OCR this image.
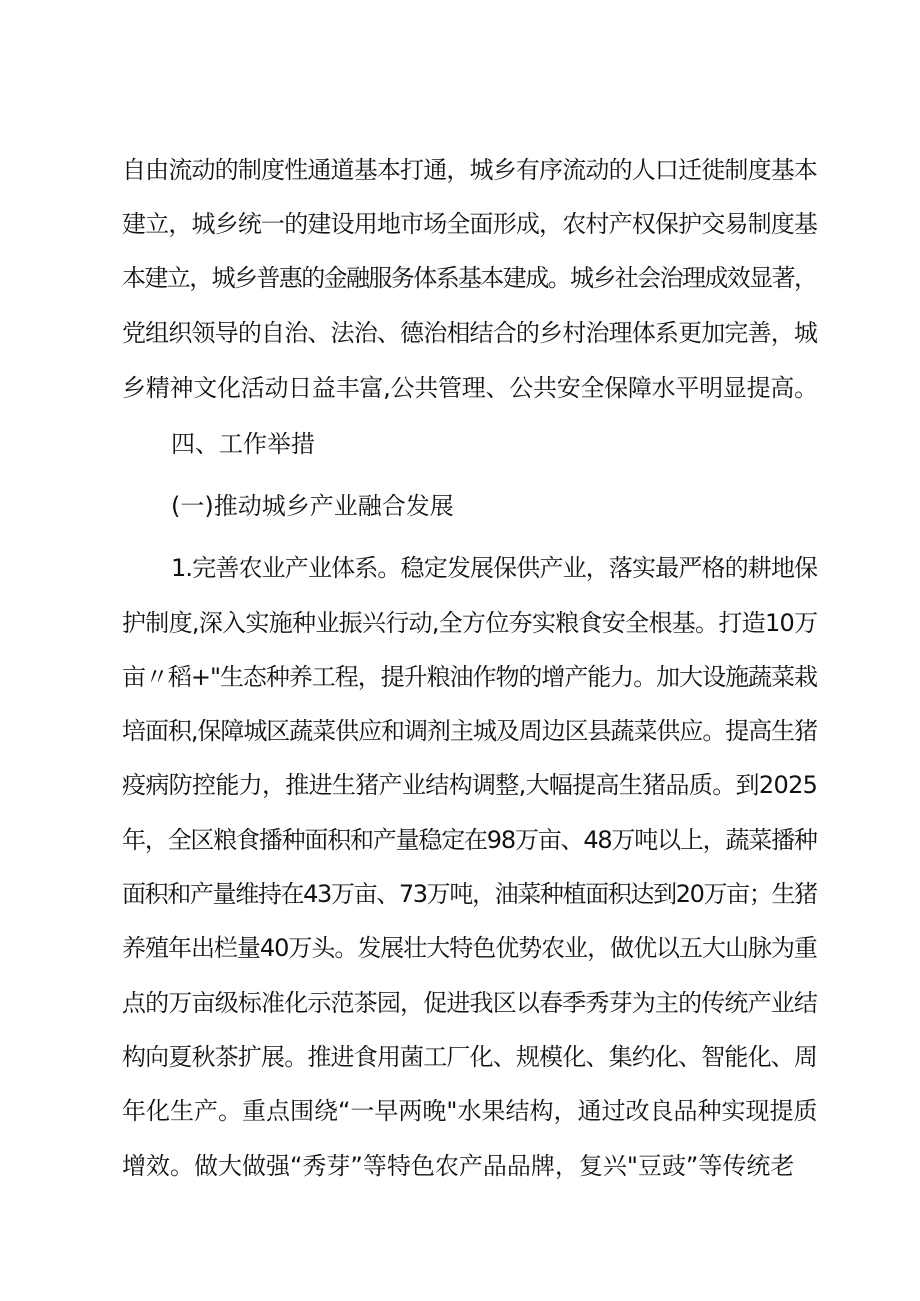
自由流动的制度性通道基本打通，城乡有序流动的人口迁徙制度基本
建立，城乡统一的建设用地市场全面形成，农村产权保护交易制度基
本建立，城乡普惠的金融服务体系基本建成。城乡社会治理成效显著，
党组织领导的自治、法治、德治相结合的乡村治理体系更加完善，城
乡精神文化活动日益丰富,公共管理、公共安全保障水平明显提高。
四、工作举措
(一)推动城乡产业融合发展
1.完善农业产业体系。稳定发展保供产业，落实最严格的耕地保
护制度,深入实施种业振兴行动,全方位夯实粮食安全根基。打造10万
亩〃稻+"生态种养工程，提升粮油作物的增产能力。加大设施蔬菜栽
培面积,保障城区蔬菜供应和调剂主城及周边区县蔬菜供应。提高生猪
疫病防控能力，推进生猪产业结构调整,大幅提高生猪品质。到2025
年，全区粮食播种面积和产量稳定在98万亩、48万吨以上，蔬菜播种
面积和产量维持在43万亩、73万吨，油菜种植面积达到20万亩；生猪
养殖年出栏量40万头。发展壮大特色优势农业，做优以五大山脉为重
点的万亩级标准化示范茶园，促进我区以春季秀芽为主的传统产业结
构向夏秋茶扩展。推进食用菌工厂化、规模化、集约化、智能化、周
年化生产。重点围绕“一早两晚"水果结构，通过改良品种实现提质
增效。做大做强“秀芽”等特色农产品品牌，复兴"豆豉”等传统老
